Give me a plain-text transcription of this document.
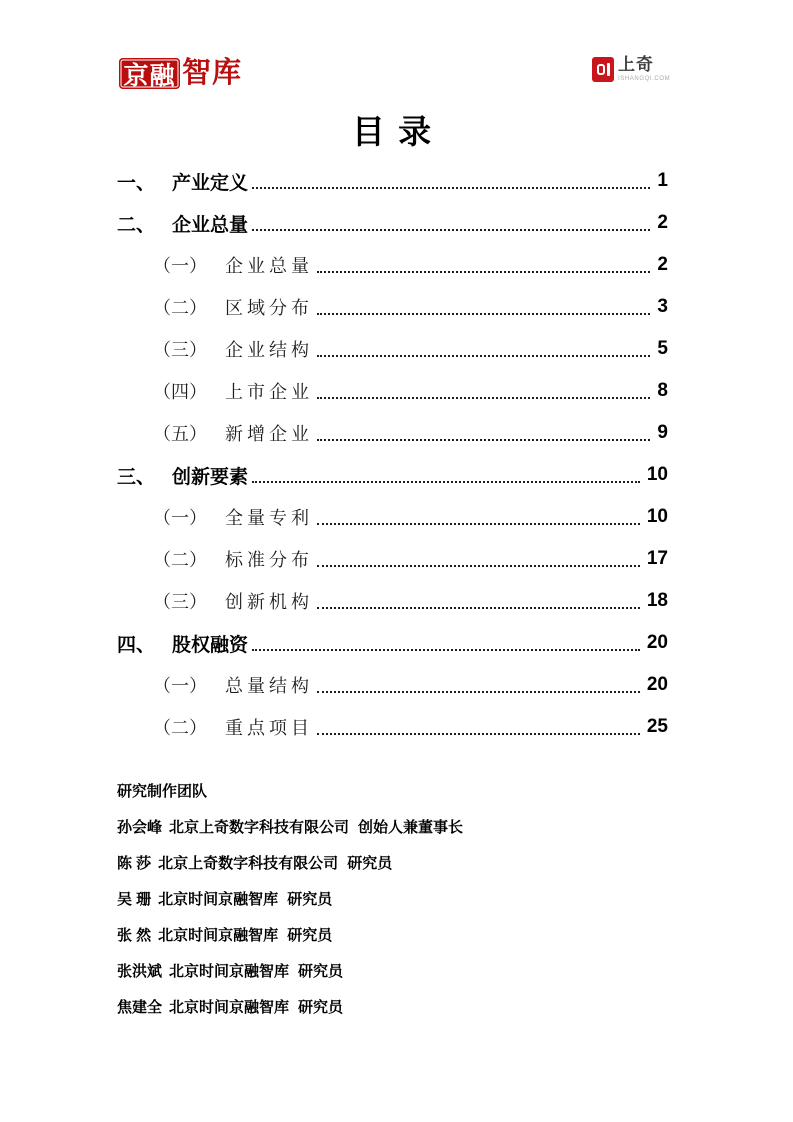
京融 智库	上奇
ISHANGQI.COM
目 录
一、 产业定义	1
二、 企业总量	2
（一）	企业总量	2
（二）	区域分布	3
（三）	企业结构	5
（四）	上市企业	8
（五）	新增企业	9
三、 创新要素	10
（一）	全量专利	10
（二）	标准分布	17
（三）	创新机构	18
四、 股权融资	20
（一）	总量结构	20
（二）	重点项目	25
研究制作团队
孙会峰 北京上奇数字科技有限公司 创始人兼董事长
陈 莎 北京上奇数字科技有限公司 研究员
吴 珊 北京时间京融智库 研究员
张 然 北京时间京融智库 研究员
张洪斌 北京时间京融智库 研究员
焦建全 北京时间京融智库 研究员
